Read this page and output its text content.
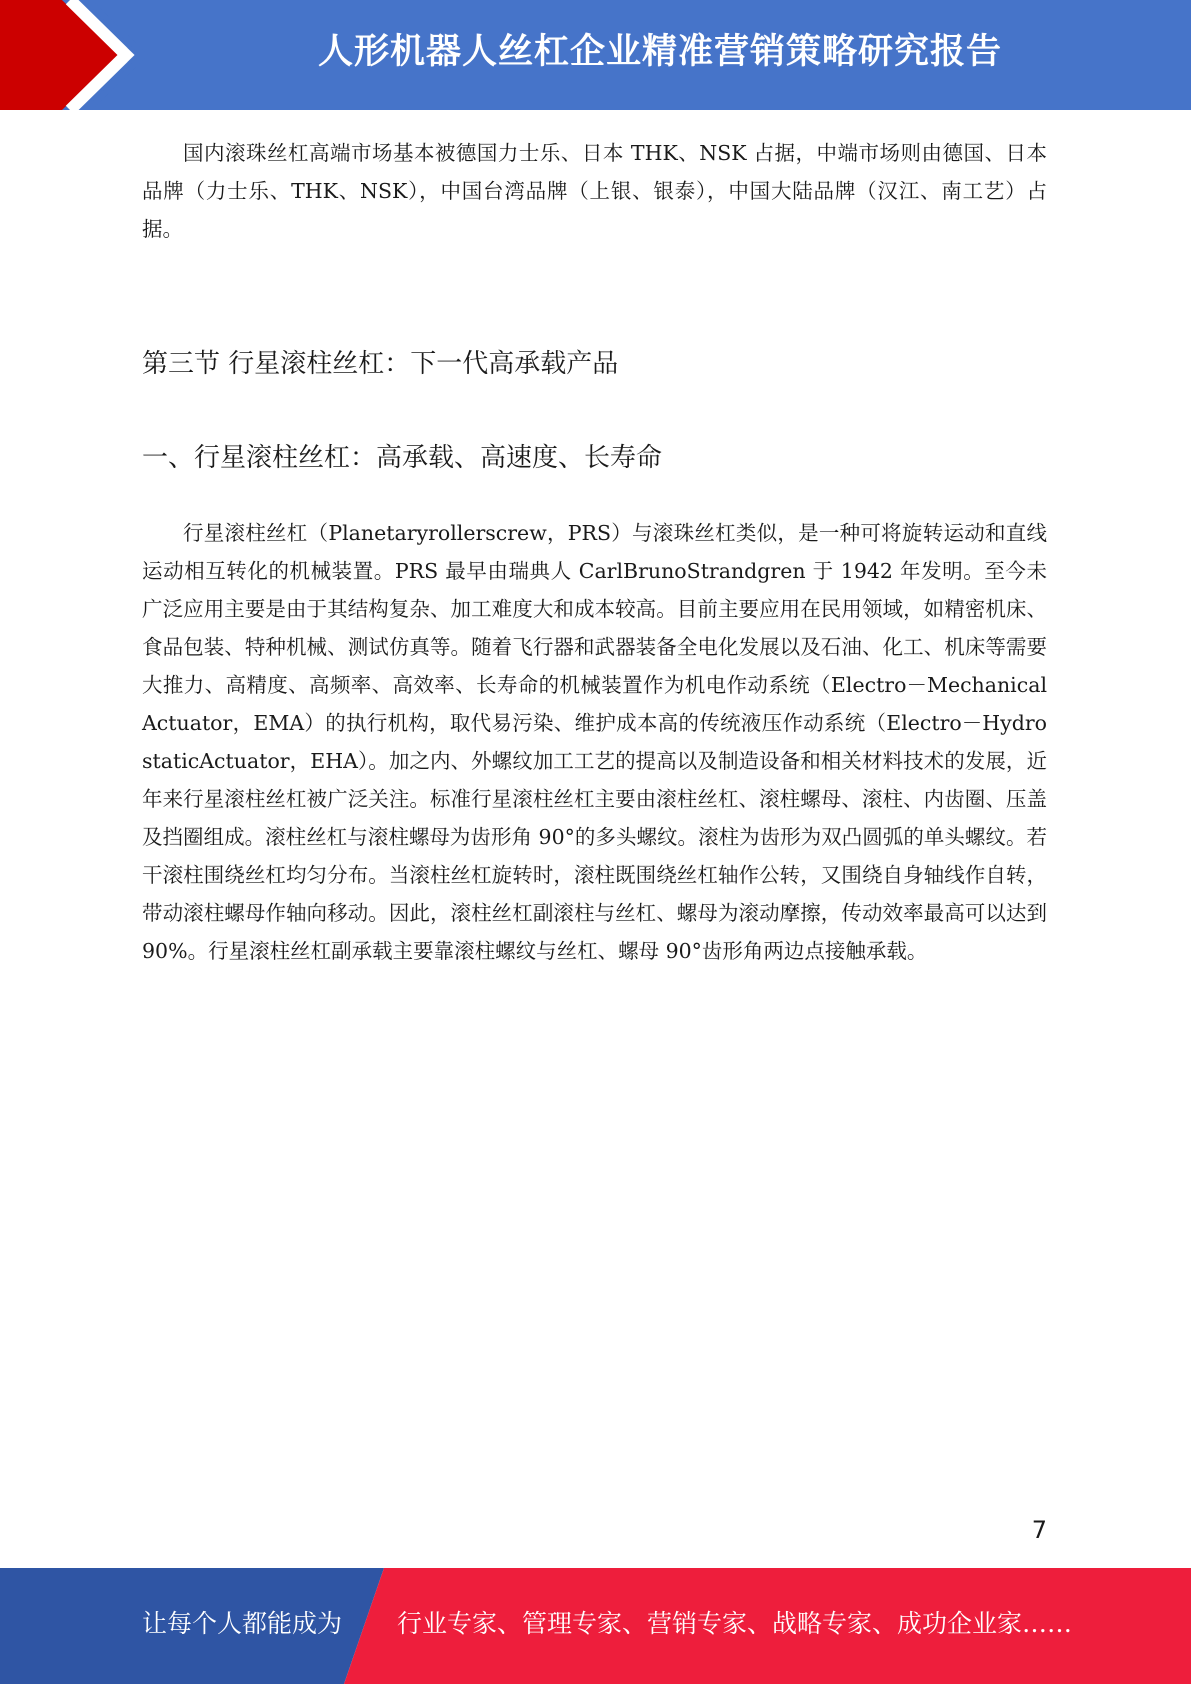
人形机器人丝杠企业精准营销策略研究报告

国内滚珠丝杠高端市场基本被德国力士乐、日本 THK、NSK 占据，中端市场则由德国、日本品牌（力士乐、THK、NSK），中国台湾品牌（上银、银泰），中国大陆品牌（汉江、南工艺）占据。

第三节 行星滚柱丝杠：下一代高承载产品
一、行星滚柱丝杠：高承载、高速度、长寿命

行星滚柱丝杠（Planetaryrollerscrew，PRS）与滚珠丝杠类似，是一种可将旋转运动和直线运动相互转化的机械装置。PRS 最早由瑞典人 CarlBrunoStrandgren 于 1942 年发明。至今未广泛应用主要是由于其结构复杂、加工难度大和成本较高。目前主要应用在民用领域，如精密机床、食品包装、特种机械、测试仿真等。随着飞行器和武器装备全电化发展以及石油、化工、机床等需要大推力、高精度、高频率、高效率、长寿命的机械装置作为机电作动系统（Electro－MechanicalActuator，EMA）的执行机构，取代易污染、维护成本高的传统液压作动系统（Electro－HydrostaticActuator，EHA）。加之内、外螺纹加工工艺的提高以及制造设备和相关材料技术的发展，近年来行星滚柱丝杠被广泛关注。标准行星滚柱丝杠主要由滚柱丝杠、滚柱螺母、滚柱、内齿圈、压盖及挡圈组成。滚柱丝杠与滚柱螺母为齿形角 90°的多头螺纹。滚柱为齿形为双凸圆弧的单头螺纹。若干滚柱围绕丝杠均匀分布。当滚柱丝杠旋转时，滚柱既围绕丝杠轴作公转，又围绕自身轴线作自转，带动滚柱螺母作轴向移动。因此，滚柱丝杠副滚柱与丝杠、螺母为滚动摩擦，传动效率最高可以达到 90%。行星滚柱丝杠副承载主要靠滚柱螺纹与丝杠、螺母 90°齿形角两边点接触承载。

7
让每个人都能成为 行业专家、管理专家、营销专家、战略专家、成功企业家……
